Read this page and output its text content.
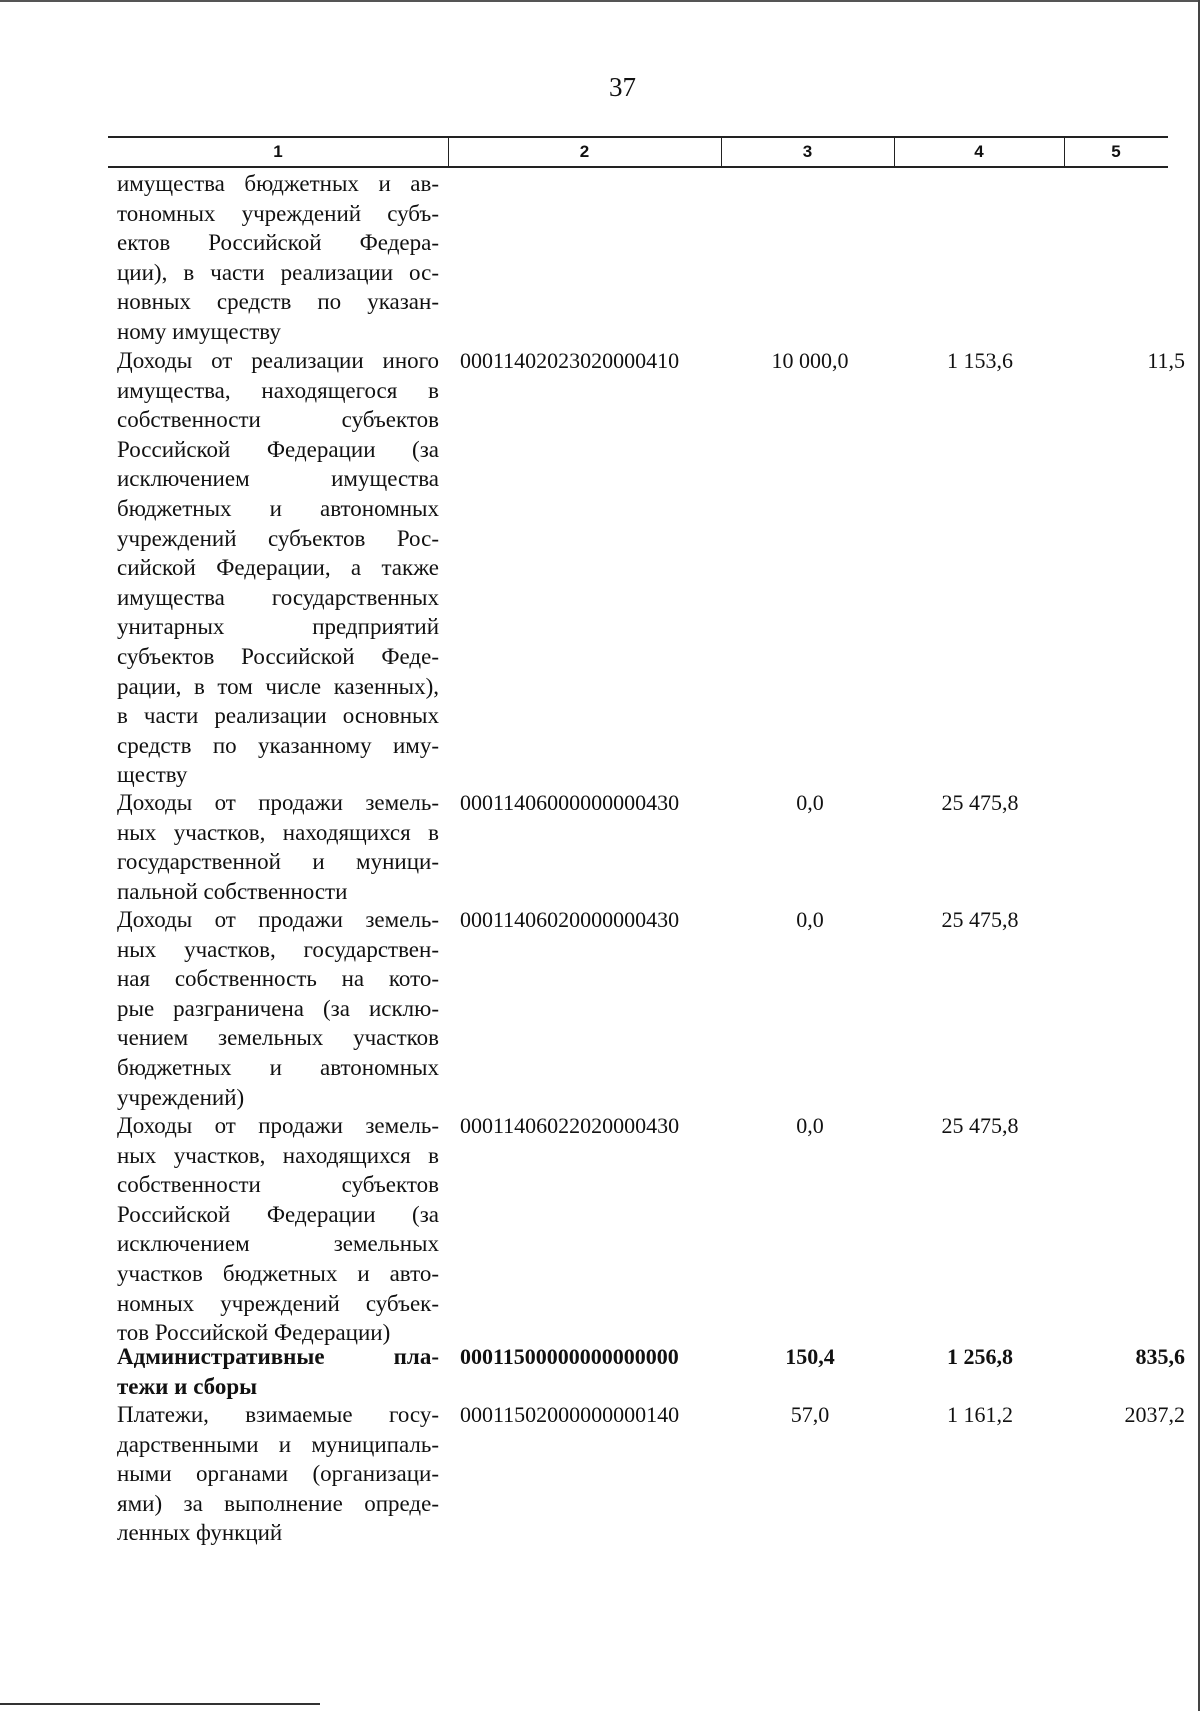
37
1	2	3	4	5
имущества бюджетных и ав-
тономных учреждений субъ-
ектов Российской Федера-
ции), в части реализации ос-
новных средств по указан-
ному имуществу
Доходы от реализации иного
имущества, находящегося в
собственности субъектов
Российской Федерации (за
исключением имущества
бюджетных и автономных
учреждений субъектов Рос-
сийской Федерации, а также
имущества государственных
унитарных предприятий
субъектов Российской Феде-
рации, в том числе казенных),
в части реализации основных
средств по указанному иму-
ществу
00011402023020000410	10 000,0	1 153,6	11,5
Доходы от продажи земель-
ных участков, находящихся в
государственной и муници-
пальной собственности
00011406000000000430	0,0	25 475,8
Доходы от продажи земель-
ных участков, государствен-
ная собственность на кото-
рые разграничена (за исклю-
чением земельных участков
бюджетных и автономных
учреждений)
00011406020000000430	0,0	25 475,8
Доходы от продажи земель-
ных участков, находящихся в
собственности субъектов
Российской Федерации (за
исключением земельных
участков бюджетных и авто-
номных учреждений субъек-
тов Российской Федерации)
00011406022020000430	0,0	25 475,8
Административные пла-
тежи и сборы
00011500000000000000	150,4	1 256,8	835,6
Платежи, взимаемые госу-
дарственными и муниципаль-
ными органами (организаци-
ями) за выполнение опреде-
ленных функций
00011502000000000140	57,0	1 161,2	2037,2
